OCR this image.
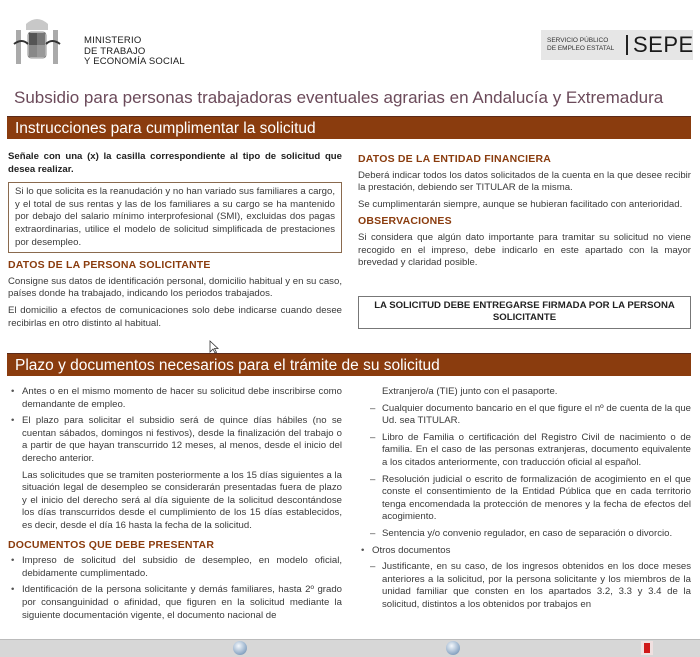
MINISTERIO
DE TRABAJO
Y ECONOMÍA SOCIAL
SERVICIO PÚBLICO
DE EMPLEO ESTATAL SEPE
Subsidio para personas trabajadoras eventuales agrarias en Andalucía y Extremadura
Instrucciones para cumplimentar la solicitud

Señale con una (x) la casilla correspondiente al tipo de solicitud que desea realizar.

Si lo que solicita es la reanudación y no han variado sus familiares a cargo, y el total de sus rentas y las de los familiares a su cargo se ha mantenido por debajo del salario mínimo interprofesional (SMI), excluidas dos pagas extraordinarias, utilice el modelo de solicitud simplificada de prestaciones por desempleo.
DATOS DE LA PERSONA SOLICITANTE

Consigne sus datos de identificación personal, domicilio habitual y en su caso, países donde ha trabajado, indicando los periodos trabajados.

El domicilio a efectos de comunicaciones solo debe indicarse cuando desee recibirlas en otro distinto al habitual.

DATOS DE LA ENTIDAD FINANCIERA

Deberá indicar todos los datos solicitados de la cuenta en la que desee recibir la prestación, debiendo ser TITULAR de la misma.

Se cumplimentarán siempre, aunque se hubieran facilitado con anterioridad.

OBSERVACIONES

Si considera que algún dato importante para tramitar su solicitud no viene recogido en el impreso, debe indicarlo en este apartado con la mayor brevedad y claridad posible.

LA SOLICITUD DEBE ENTREGARSE FIRMADA POR LA PERSONA SOLICITANTE
Plazo y documentos necesarios para el trámite de su solicitud
• Antes o en el mismo momento de hacer su solicitud debe inscribirse como demandante de empleo.
• El plazo para solicitar el subsidio será de quince días hábiles (no se cuentan sábados, domingos ni festivos), desde la finalización del trabajo o a partir de que hayan transcurrido 12 meses, al menos, desde el inicio del derecho anterior.

Las solicitudes que se tramiten posteriormente a los 15 días siguientes a la situación legal de desempleo se considerarán presentadas fuera de plazo y el inicio del derecho será al día siguiente de la solicitud descontándose los días transcurridos desde el cumplimiento de los 15 días establecidos, es decir, desde el día 16 hasta la fecha de la solicitud.

DOCUMENTOS QUE DEBE PRESENTAR
• Impreso de solicitud del subsidio de desempleo, en modelo oficial, debidamente cumplimentado.
• Identificación de la persona solicitante y demás familiares, hasta 2º grado por consanguinidad o afinidad, que figuren en la solicitud mediante la siguiente documentación vigente, el documento nacional de
Extranjero/a (TIE) junto con el pasaporte.
– Cualquier documento bancario en el que figure el nº de cuenta de la que Ud. sea TITULAR.
– Libro de Familia o certificación del Registro Civil de nacimiento o de familia. En el caso de las personas extranjeras, documento equivalente a los citados anteriormente, con traducción oficial al español.
– Resolución judicial o escrito de formalización de acogimiento en el que conste el consentimiento de la Entidad Pública que en cada territorio tenga encomendada la protección de menores y la fecha de efectos del acogimiento.
– Sentencia y/o convenio regulador, en caso de separación o divorcio.
• Otros documentos
– Justificante, en su caso, de los ingresos obtenidos en los doce meses anteriores a la solicitud, por la persona solicitante y los miembros de la unidad familiar que consten en los apartados 3.2, 3.3 y 3.4 de la solicitud, distintos a los obtenidos por trabajos en
